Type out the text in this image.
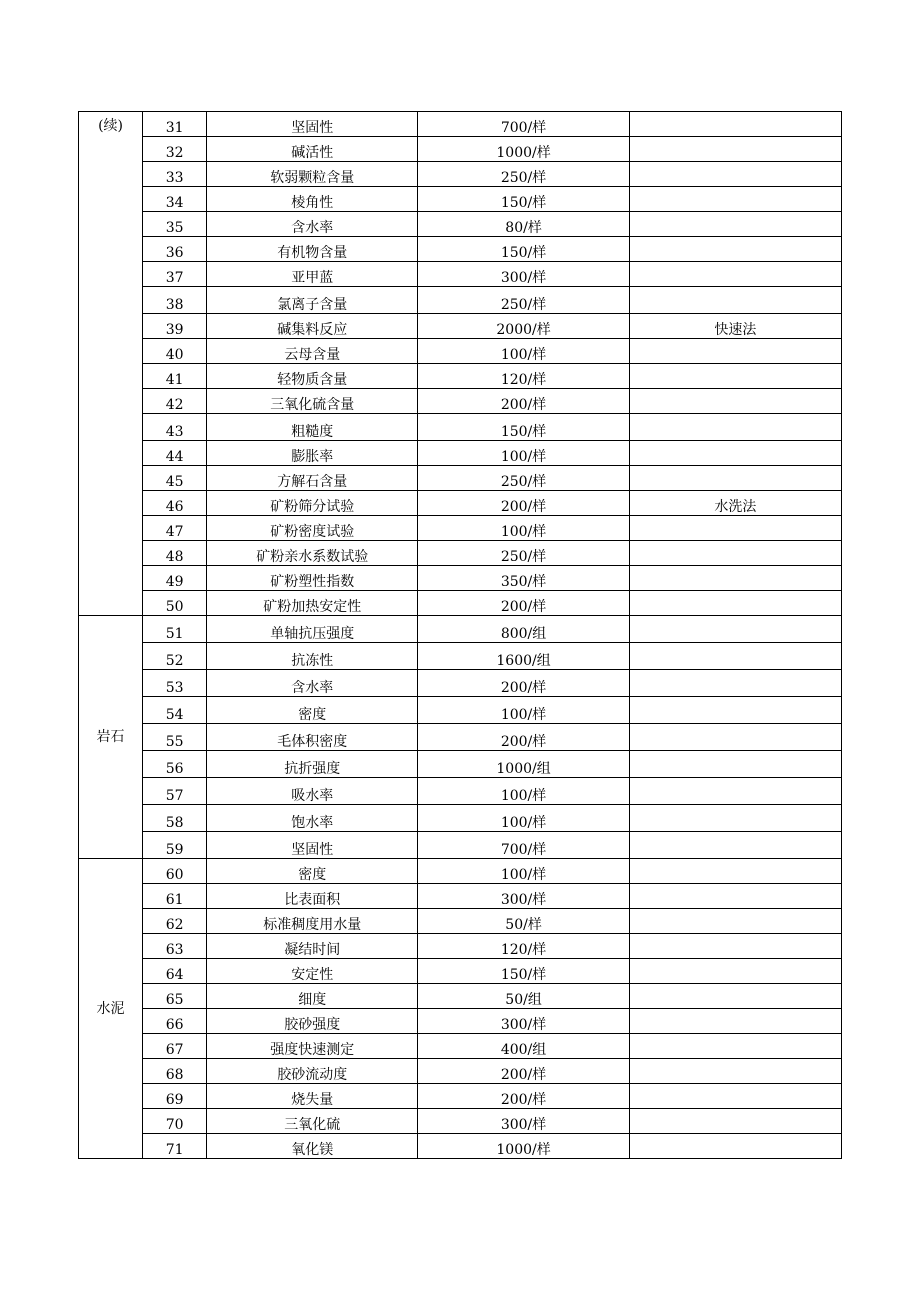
(续)	31	坚固性	700/样	
	32	碱活性	1000/样	
	33	软弱颗粒含量	250/样	
	34	棱角性	150/样	
	35	含水率	80/样	
	36	有机物含量	150/样	
	37	亚甲蓝	300/样	
	38	氯离子含量	250/样	
	39	碱集料反应	2000/样	快速法
	40	云母含量	100/样	
	41	轻物质含量	120/样	
	42	三氧化硫含量	200/样	
	43	粗糙度	150/样	
	44	膨胀率	100/样	
	45	方解石含量	250/样	
	46	矿粉筛分试验	200/样	水洗法
	47	矿粉密度试验	100/样	
	48	矿粉亲水系数试验	250/样	
	49	矿粉塑性指数	350/样	
	50	矿粉加热安定性	200/样	
岩石	51	单轴抗压强度	800/组	
	52	抗冻性	1600/组	
	53	含水率	200/样	
	54	密度	100/样	
	55	毛体积密度	200/样	
	56	抗折强度	1000/组	
	57	吸水率	100/样	
	58	饱水率	100/样	
	59	坚固性	700/样	
水泥	60	密度	100/样	
	61	比表面积	300/样	
	62	标准稠度用水量	50/样	
	63	凝结时间	120/样	
	64	安定性	150/样	
	65	细度	50/组	
	66	胶砂强度	300/样	
	67	强度快速测定	400/组	
	68	胶砂流动度	200/样	
	69	烧失量	200/样	
	70	三氧化硫	300/样	
	71	氧化镁	1000/样	
